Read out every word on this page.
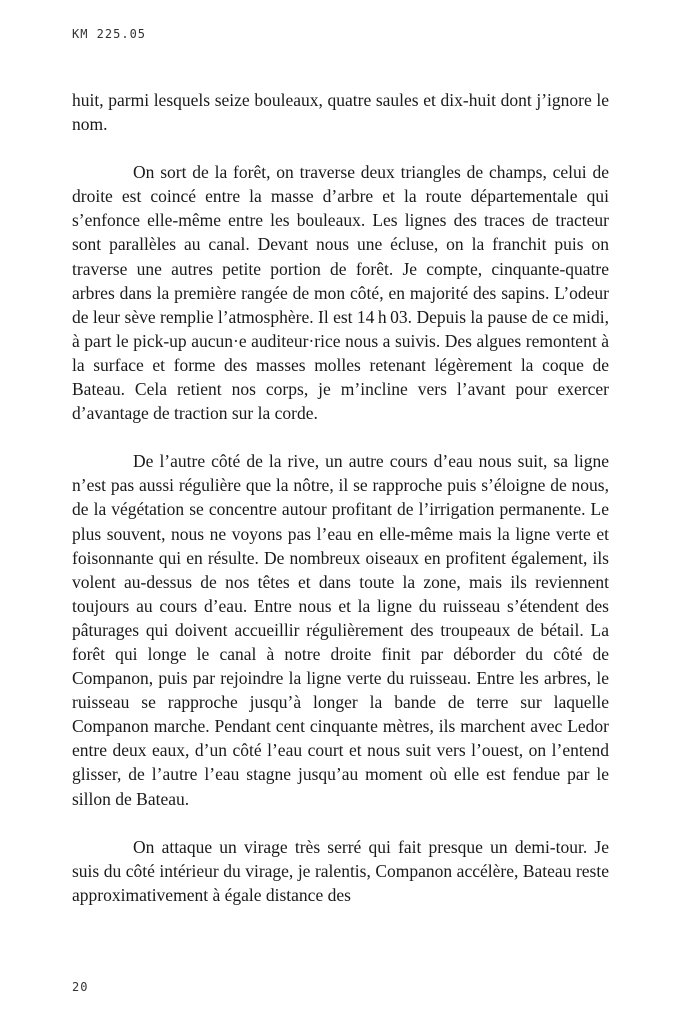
KM 225.05

huit, parmi lesquels seize bouleaux, quatre saules et dix-huit dont j’ignore le nom.

On sort de la forêt, on traverse deux triangles de champs, celui de droite est coincé entre la masse d’arbre et la route départementale qui s’enfonce elle-même entre les bouleaux. Les lignes des traces de tracteur sont parallèles au canal. Devant nous une écluse, on la franchit puis on traverse une autres petite portion de forêt. Je compte, cinquante-quatre arbres dans la première rangée de mon côté, en majorité des sapins. L’odeur de leur sève remplie l’atmosphère. Il est 14 h 03. Depuis la pause de ce midi, à part le pick-up aucun·e auditeur·rice nous a suivis. Des algues remontent à la surface et forme des masses molles retenant légèrement la coque de Bateau. Cela retient nos corps, je m’incline vers l’avant pour exercer d’avantage de traction sur la corde.

De l’autre côté de la rive, un autre cours d’eau nous suit, sa ligne n’est pas aussi régulière que la nôtre, il se rapproche puis s’éloigne de nous, de la végétation se concentre autour profitant de l’irrigation permanente. Le plus souvent, nous ne voyons pas l’eau en elle-même mais la ligne verte et foisonnante qui en résulte. De nombreux oiseaux en profitent également, ils volent au-dessus de nos têtes et dans toute la zone, mais ils reviennent toujours au cours d’eau. Entre nous et la ligne du ruisseau s’étendent des pâturages qui doivent accueillir régulièrement des troupeaux de bétail. La forêt qui longe le canal à notre droite finit par déborder du côté de Companon, puis par rejoindre la ligne verte du ruisseau. Entre les arbres, le ruisseau se rapproche jusqu’à longer la bande de terre sur laquelle Companon marche. Pendant cent cinquante mètres, ils marchent avec Ledor entre deux eaux, d’un côté l’eau court et nous suit vers l’ouest, on l’entend glisser, de l’autre l’eau stagne jusqu’au moment où elle est fendue par le sillon de Bateau.

On attaque un virage très serré qui fait presque un demi-tour. Je suis du côté intérieur du virage, je ralentis, Companon accélère, Bateau reste approximativement à égale distance des

20
